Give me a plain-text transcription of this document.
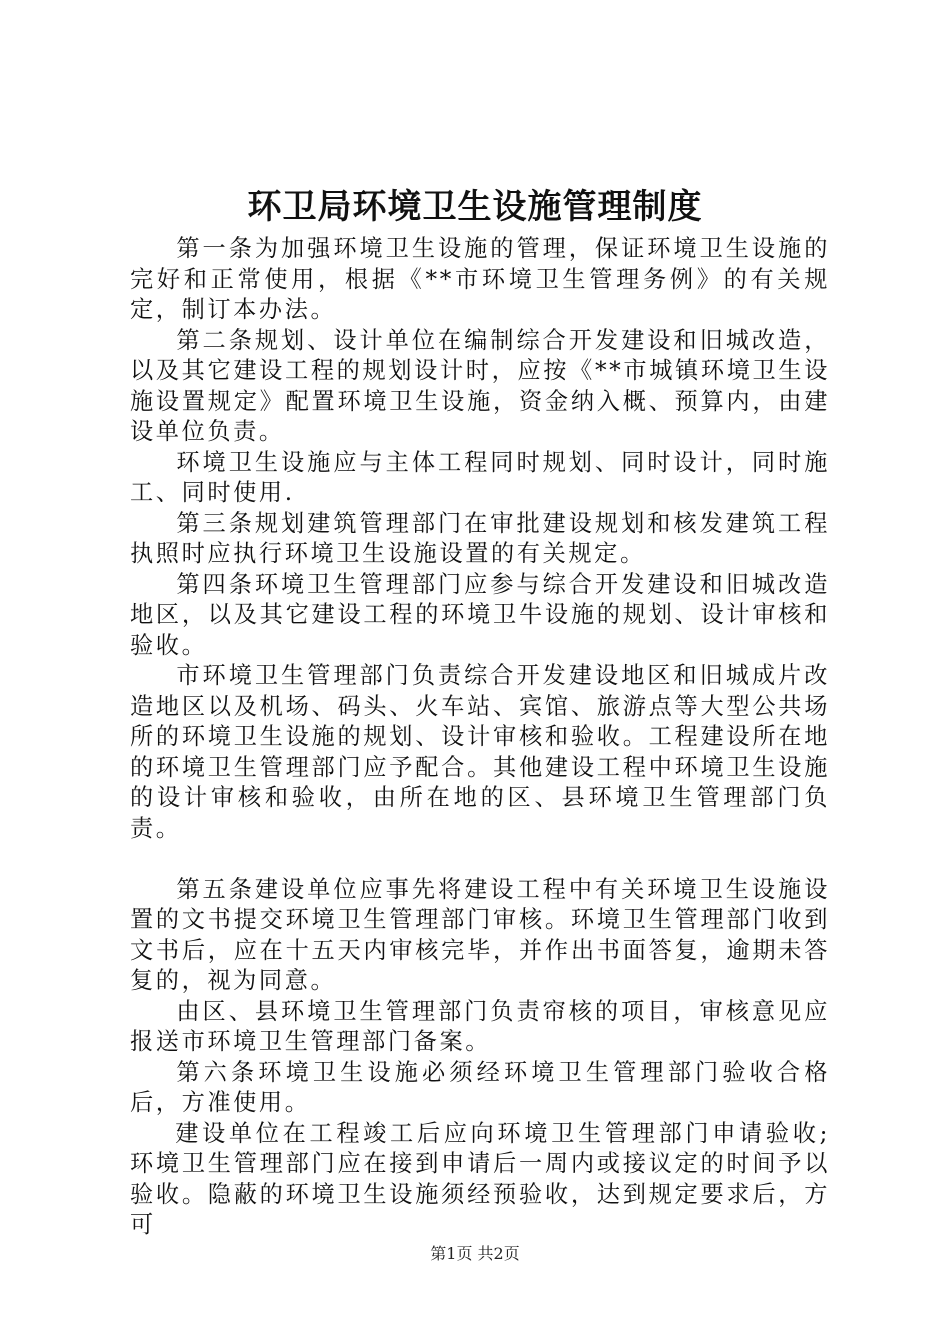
环卫局环境卫生设施管理制度

第一条为加强环境卫生设施的管理，保证环境卫生设施的完好和正常使用，根据《**市环境卫生管理务例》的有关规定，制订本办法。

第二条规划、设计单位在编制综合开发建设和旧城改造，以及其它建设工程的规划设计时，应按《**市城镇环境卫生设施设置规定》配置环境卫生设施，资金纳入概、预算内，由建设单位负责。

环境卫生设施应与主体工程同时规划、同时设计，同时施工、同时使用.

第三条规划建筑管理部门在审批建设规划和核发建筑工程执照时应执行环境卫生设施设置的有关规定。

第四条环境卫生管理部门应参与综合开发建设和旧城改造地区，以及其它建设工程的环境卫牛设施的规划、设计审核和验收。

市环境卫生管理部门负责综合开发建设地区和旧城成片改造地区以及机场、码头、火车站、宾馆、旅游点等大型公共场所的环境卫生设施的规划、设计审核和验收。工程建设所在地的环境卫生管理部门应予配合。其他建设工程中环境卫生设施的设计审核和验收，由所在地的区、县环境卫生管理部门负责。

第五条建设单位应事先将建设工程中有关环境卫生设施设置的文书提交环境卫生管理部门审核。环境卫生管理部门收到文书后，应在十五天内审核完毕，并作出书面答复，逾期未答复的，视为同意。

由区、县环境卫生管理部门负责帘核的项目，审核意见应报送市环境卫生管理部门备案。

第六条环境卫生设施必须经环境卫生管理部门验收合格后，方准使用。

建设单位在工程竣工后应向环境卫生管理部门申请验收;环境卫生管理部门应在接到申请后一周内或接议定的时间予以验收。隐蔽的环境卫生设施须经预验收，达到规定要求后，方可

第1页 共2页
